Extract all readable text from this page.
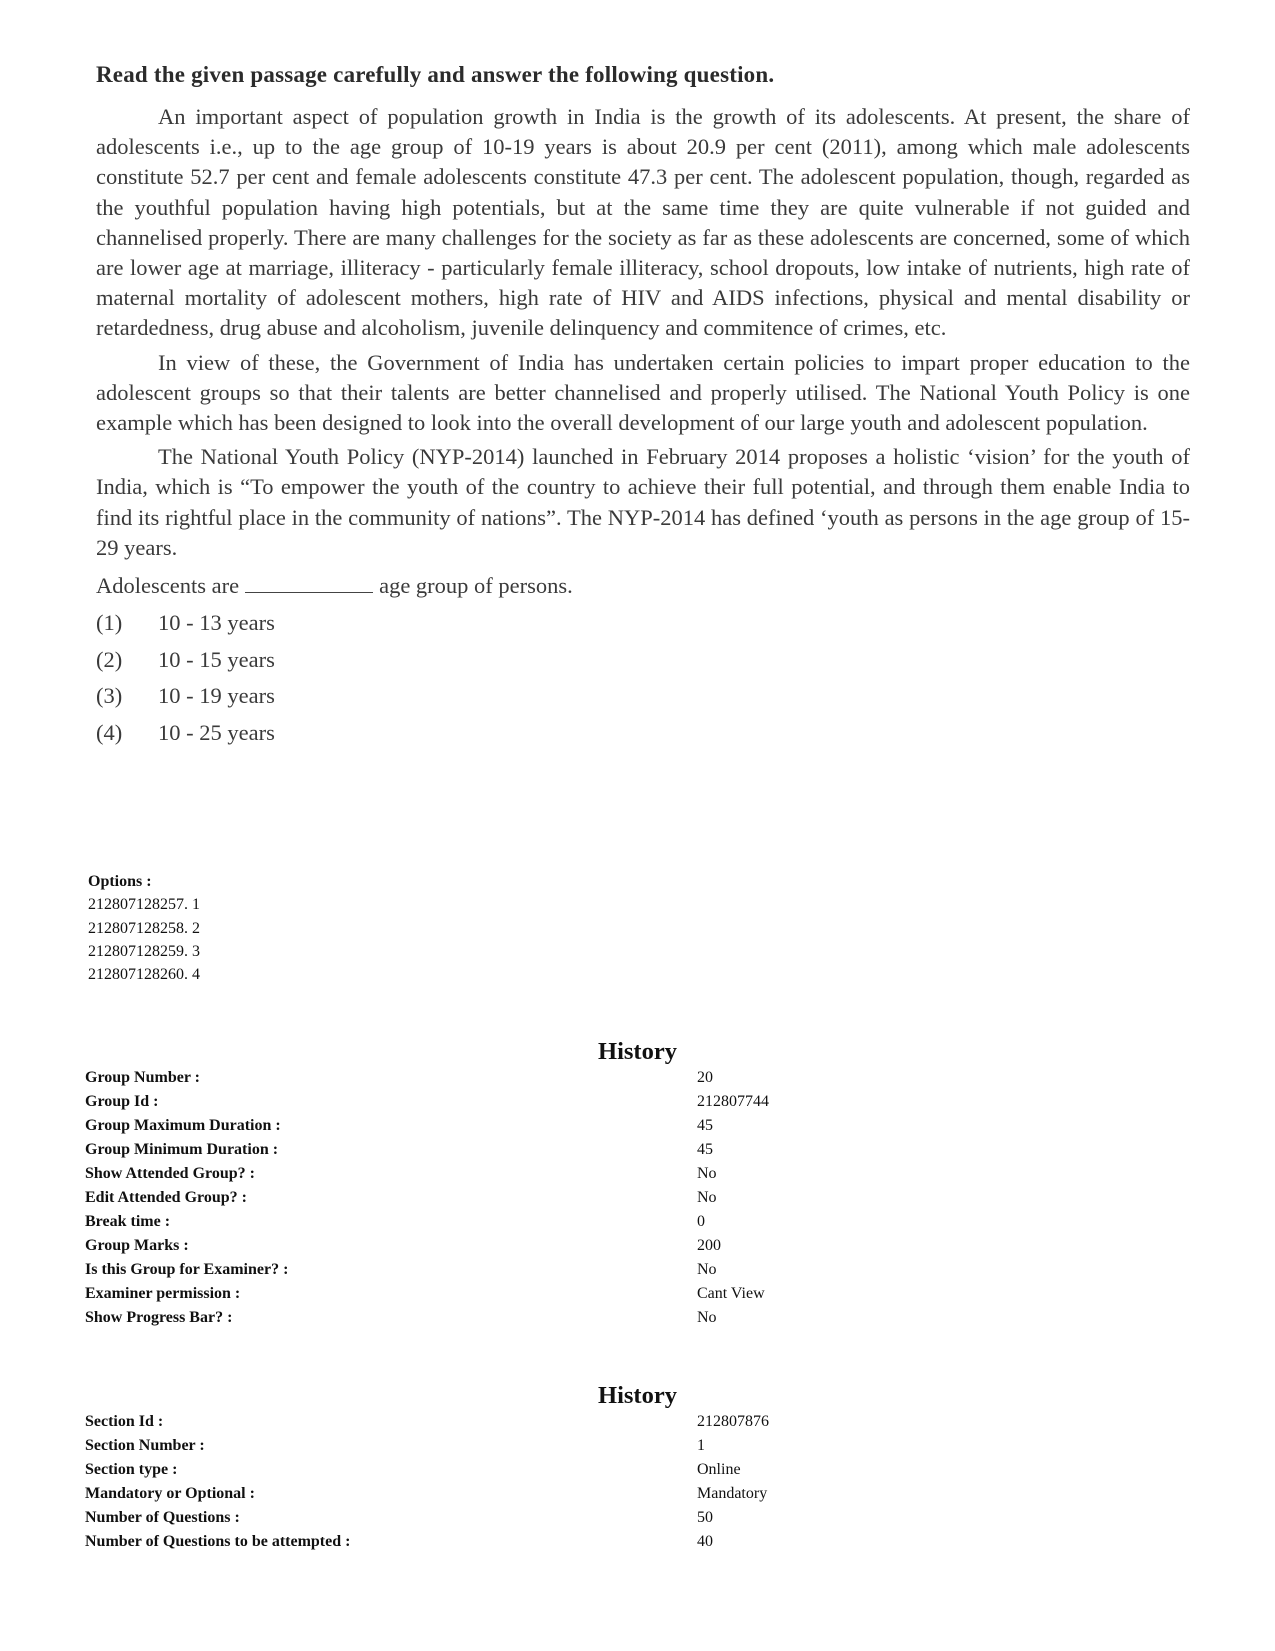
Read the given passage carefully and answer the following question.

An important aspect of population growth in India is the growth of its adolescents. At present, the share of adolescents i.e., up to the age group of 10-19 years is about 20.9 per cent (2011), among which male adolescents constitute 52.7 per cent and female adolescents constitute 47.3 per cent. The adolescent population, though, regarded as the youthful population having high potentials, but at the same time they are quite vulnerable if not guided and channelised properly. There are many challenges for the society as far as these adolescents are concerned, some of which are lower age at marriage, illiteracy - particularly female illiteracy, school dropouts, low intake of nutrients, high rate of maternal mortality of adolescent mothers, high rate of HIV and AIDS infections, physical and mental disability or retardedness, drug abuse and alcoholism, juvenile delinquency and commitence of crimes, etc.

In view of these, the Government of India has undertaken certain policies to impart proper education to the adolescent groups so that their talents are better channelised and properly utilised. The National Youth Policy is one example which has been designed to look into the overall development of our large youth and adolescent population.

The National Youth Policy (NYP-2014) launched in February 2014 proposes a holistic ‘vision’ for the youth of India, which is “To empower the youth of the country to achieve their full potential, and through them enable India to find its rightful place in the community of nations”. The NYP-2014 has defined ‘youth as persons in the age group of 15-29 years.

Adolescents are	age group of persons.
(1)	10 - 13 years
(2)	10 - 15 years
(3)	10 - 19 years
(4)	10 - 25 years
Options :
212807128257. 1
212807128258. 2
212807128259. 3
212807128260. 4
History
Group Number :	20
Group Id :	212807744
Group Maximum Duration :	45
Group Minimum Duration :	45
Show Attended Group? :	No
Edit Attended Group? :	No
Break time :	0
Group Marks :	200
Is this Group for Examiner? :	No
Examiner permission :	Cant View
Show Progress Bar? :	No
History
Section Id :	212807876
Section Number :	1
Section type :	Online
Mandatory or Optional :	Mandatory
Number of Questions :	50
Number of Questions to be attempted :	40
